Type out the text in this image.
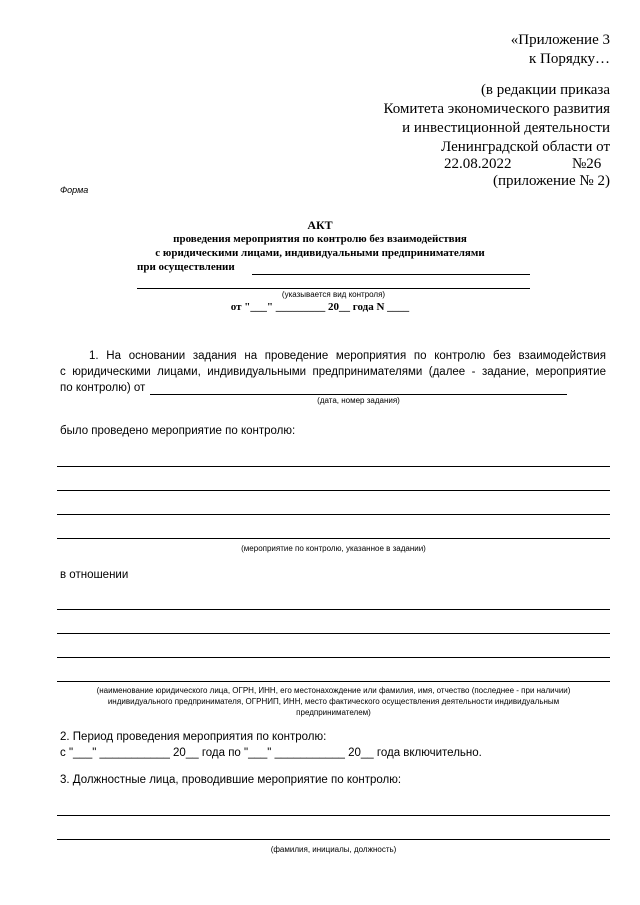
«Приложение 3
к Порядку…
(в редакции приказа
Комитета экономического развития
и инвестиционной деятельности
Ленинградской области от
22.08.2022	№26
(приложение № 2)
Форма
АКТ
проведения мероприятия по контролю без взаимодействия
с юридическими лицами, индивидуальными предпринимателями
при осуществлении
(указывается вид контроля)
от "___" _________ 20__ года N ____
1. На основании задания на проведение мероприятия по контролю без взаимодействия
с юридическими лицами, индивидуальными предпринимателями (далее - задание, мероприятие
по контролю) от
(дата, номер задания)
было проведено мероприятие по контролю:
(мероприятие по контролю, указанное в задании)
в отношении
(наименование юридического лица, ОГРН, ИНН, его местонахождение или фамилия, имя, отчество (последнее - при наличии)
индивидуального предпринимателя, ОГРНИП, ИНН, место фактического осуществления деятельности индивидуальным
предпринимателем)
2. Период проведения мероприятия по контролю:
с "___" ___________ 20__ года по "___" ___________ 20__ года включительно.
3. Должностные лица, проводившие мероприятие по контролю:
(фамилия, инициалы, должность)
